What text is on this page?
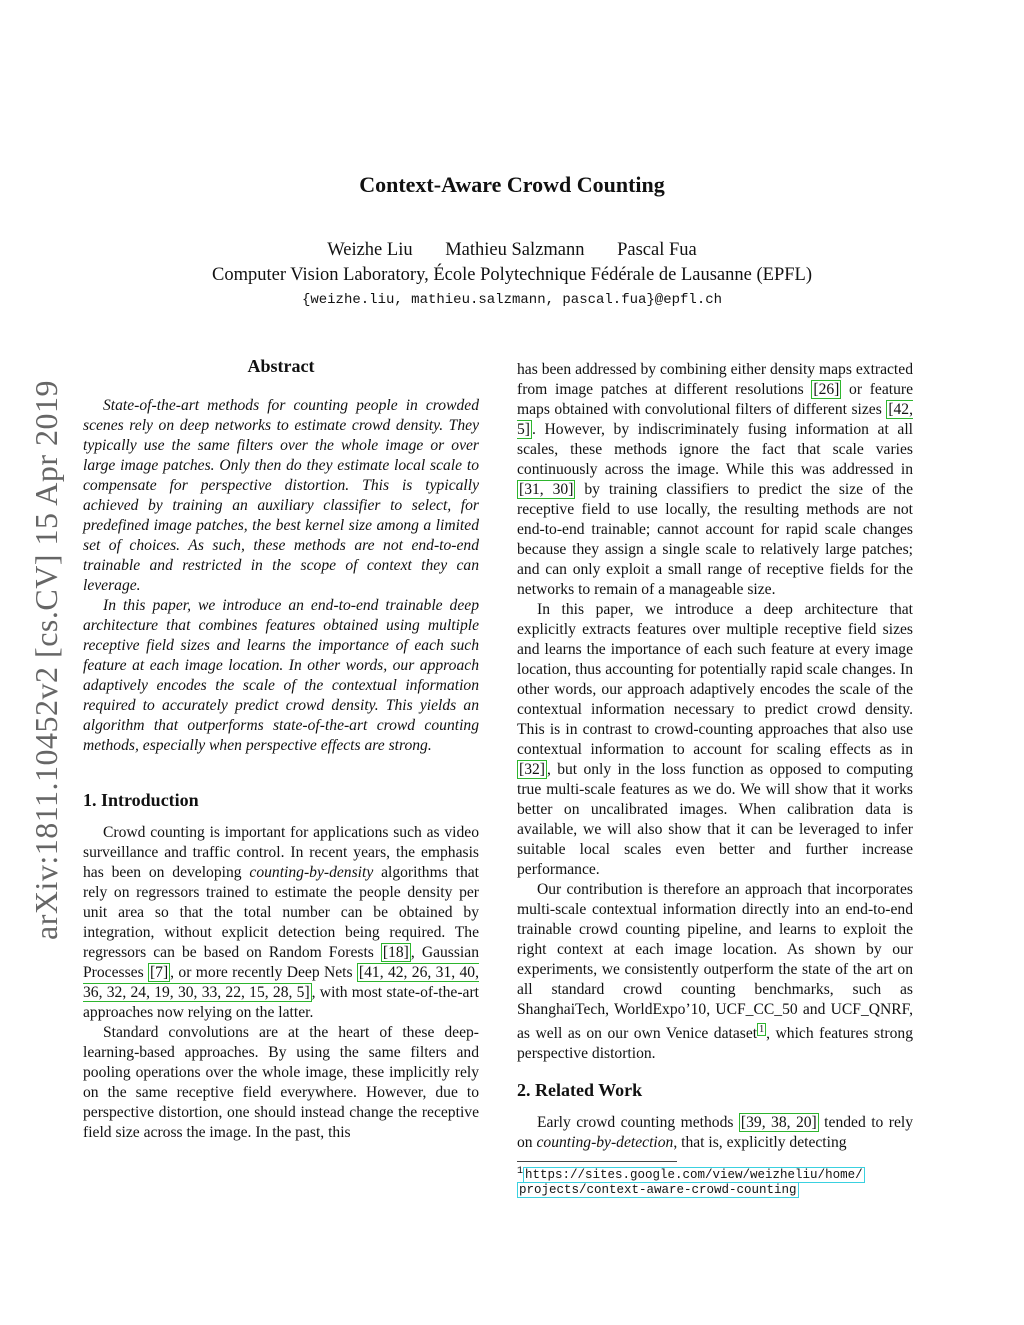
Context-Aware Crowd Counting
Weizhe Liu Mathieu Salzmann Pascal Fua
Computer Vision Laboratory, École Polytechnique Fédérale de Lausanne (EPFL)
{weizhe.liu, mathieu.salzmann, pascal.fua}@epfl.ch
arXiv:1811.10452v2 [cs.CV] 15 Apr 2019
Abstract

State-of-the-art methods for counting people in crowded scenes rely on deep networks to estimate crowd density. They typically use the same filters over the whole image or over large image patches. Only then do they estimate local scale to compensate for perspective distortion. This is typically achieved by training an auxiliary classifier to select, for predefined image patches, the best kernel size among a limited set of choices. As such, these methods are not end-to-end trainable and restricted in the scope of context they can leverage.

In this paper, we introduce an end-to-end trainable deep architecture that combines features obtained using multiple receptive field sizes and learns the importance of each such feature at each image location. In other words, our approach adaptively encodes the scale of the contextual information required to accurately predict crowd density. This yields an algorithm that outperforms state-of-the-art crowd counting methods, especially when perspective effects are strong.

1. Introduction

Crowd counting is important for applications such as video surveillance and traffic control. In recent years, the emphasis has been on developing counting-by-density algorithms that rely on regressors trained to estimate the people density per unit area so that the total number can be obtained by integration, without explicit detection being required. The regressors can be based on Random Forests [18] , Gaussian Processes [7] , or more recently Deep Nets [41, 42, 26, 31, 40, 36, 32, 24, 19, 30, 33, 22, 15, 28, 5] , with most state-of-the-art approaches now relying on the latter.

Standard convolutions are at the heart of these deep-learning-based approaches. By using the same filters and pooling operations over the whole image, these implicitly rely on the same receptive field everywhere. However, due to perspective distortion, one should instead change the receptive field size across the image. In the past, this

has been addressed by combining either density maps extracted from image patches at different resolutions [26] or feature maps obtained with convolutional filters of different sizes [42, 5] . However, by indiscriminately fusing information at all scales, these methods ignore the fact that scale varies continuously across the image. While this was addressed in [31, 30] by training classifiers to predict the size of the receptive field to use locally, the resulting methods are not end-to-end trainable; cannot account for rapid scale changes because they assign a single scale to relatively large patches; and can only exploit a small range of receptive fields for the networks to remain of a manageable size.

In this paper, we introduce a deep architecture that explicitly extracts features over multiple receptive field sizes and learns the importance of each such feature at every image location, thus accounting for potentially rapid scale changes. In other words, our approach adaptively encodes the scale of the contextual information necessary to predict crowd density. This is in contrast to crowd-counting approaches that also use contextual information to account for scaling effects as in [32] , but only in the loss function as opposed to computing true multi-scale features as we do. We will show that it works better on uncalibrated images. When calibration data is available, we will also show that it can be leveraged to infer suitable local scales even better and further increase performance.

Our contribution is therefore an approach that incorporates multi-scale contextual information directly into an end-to-end trainable crowd counting pipeline, and learns to exploit the right context at each image location. As shown by our experiments, we consistently outperform the state of the art on all standard crowd counting benchmarks, such as ShanghaiTech, WorldExpo’10, UCF_CC_50 and UCF_QNRF, as well as on our own Venice dataset $^1$ , which features strong perspective distortion.

2. Related Work

Early crowd counting methods [39, 38, 20] tended to rely on counting-by-detection, that is, explicitly detecting

$^1$ https://sites.google.com/view/weizheliu/home/
projects/context-aware-crowd-counting
